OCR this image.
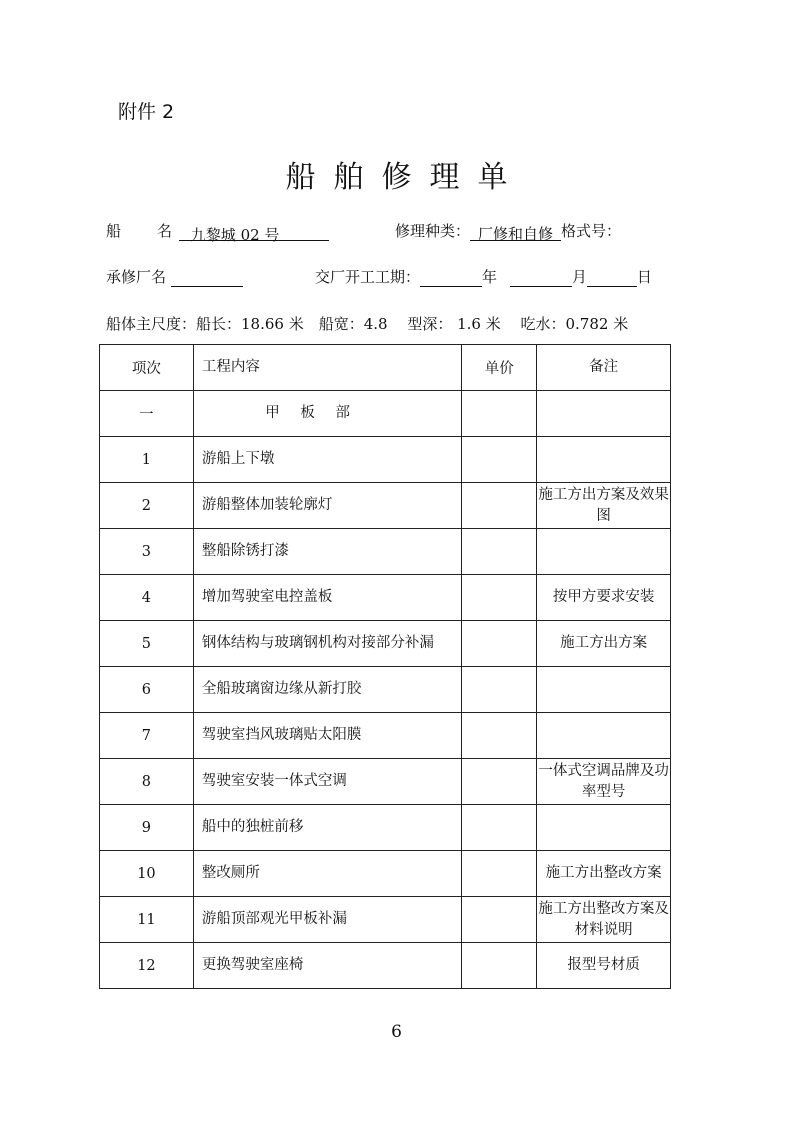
附件 2
船舶修理单
船　　名 九黎城 02 号	修理种类： 厂修和自修 格式号：
承修厂名	交厂开工工期：	年	月	日
船体主尺度：船长：18.66 米　船宽：4.8　 型深： 1.6 米　 吃水：0.782 米
项次	工程内容	单价	备注
一	甲 板 部		

1	游船上下墩		
2	游船整体加装轮廓灯		施工方出方案及效果图
3	整船除锈打漆		
4	增加驾驶室电控盖板		按甲方要求安装
5	钢体结构与玻璃钢机构对接部分补漏		施工方出方案
6	全船玻璃窗边缘从新打胶		
7	驾驶室挡风玻璃贴太阳膜		
8	驾驶室安装一体式空调		一体式空调品牌及功率型号
9	船中的独桩前移		
10	整改厕所		施工方出整改方案
11	游船顶部观光甲板补漏		施工方出整改方案及材料说明
12	更换驾驶室座椅		报型号材质
6
